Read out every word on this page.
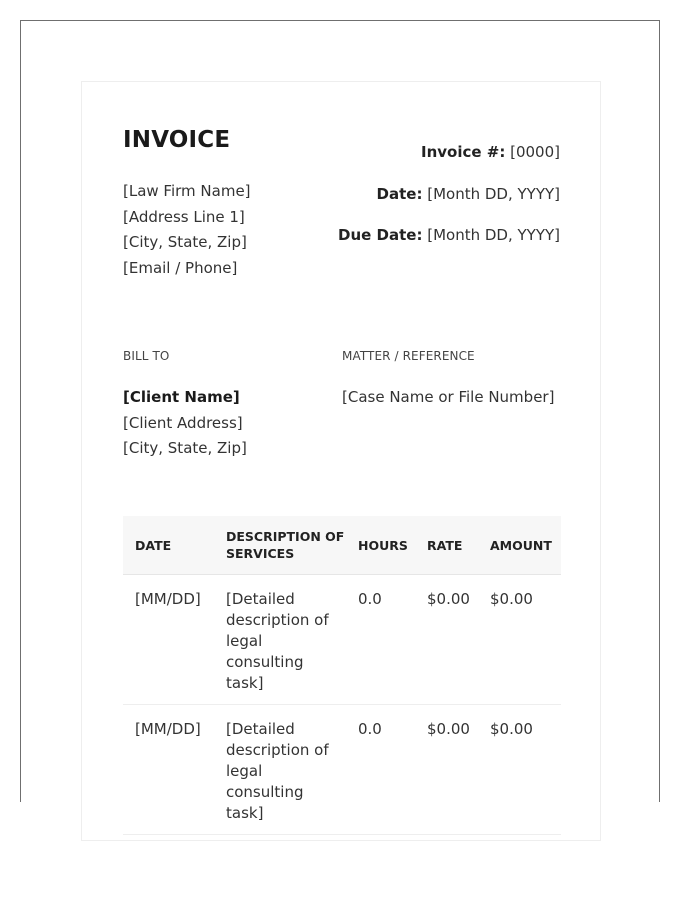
INVOICE
[Law Firm Name]
[Address Line 1]
[City, State, Zip]
[Email / Phone]
Invoice #: [0000]
Date: [Month DD, YYYY]
Due Date: [Month DD, YYYY]
BILL TO	MATTER / REFERENCE
[Client Name]
[Client Address]
[City, State, Zip]
[Case Name or File Number]
DATE	DESCRIPTION OF SERVICES	HOURS	RATE	AMOUNT
[MM/DD]	[Detailed description of legal consulting task]	0.0	$0.00	$0.00
[MM/DD]	[Detailed description of legal consulting task]	0.0	$0.00	$0.00
